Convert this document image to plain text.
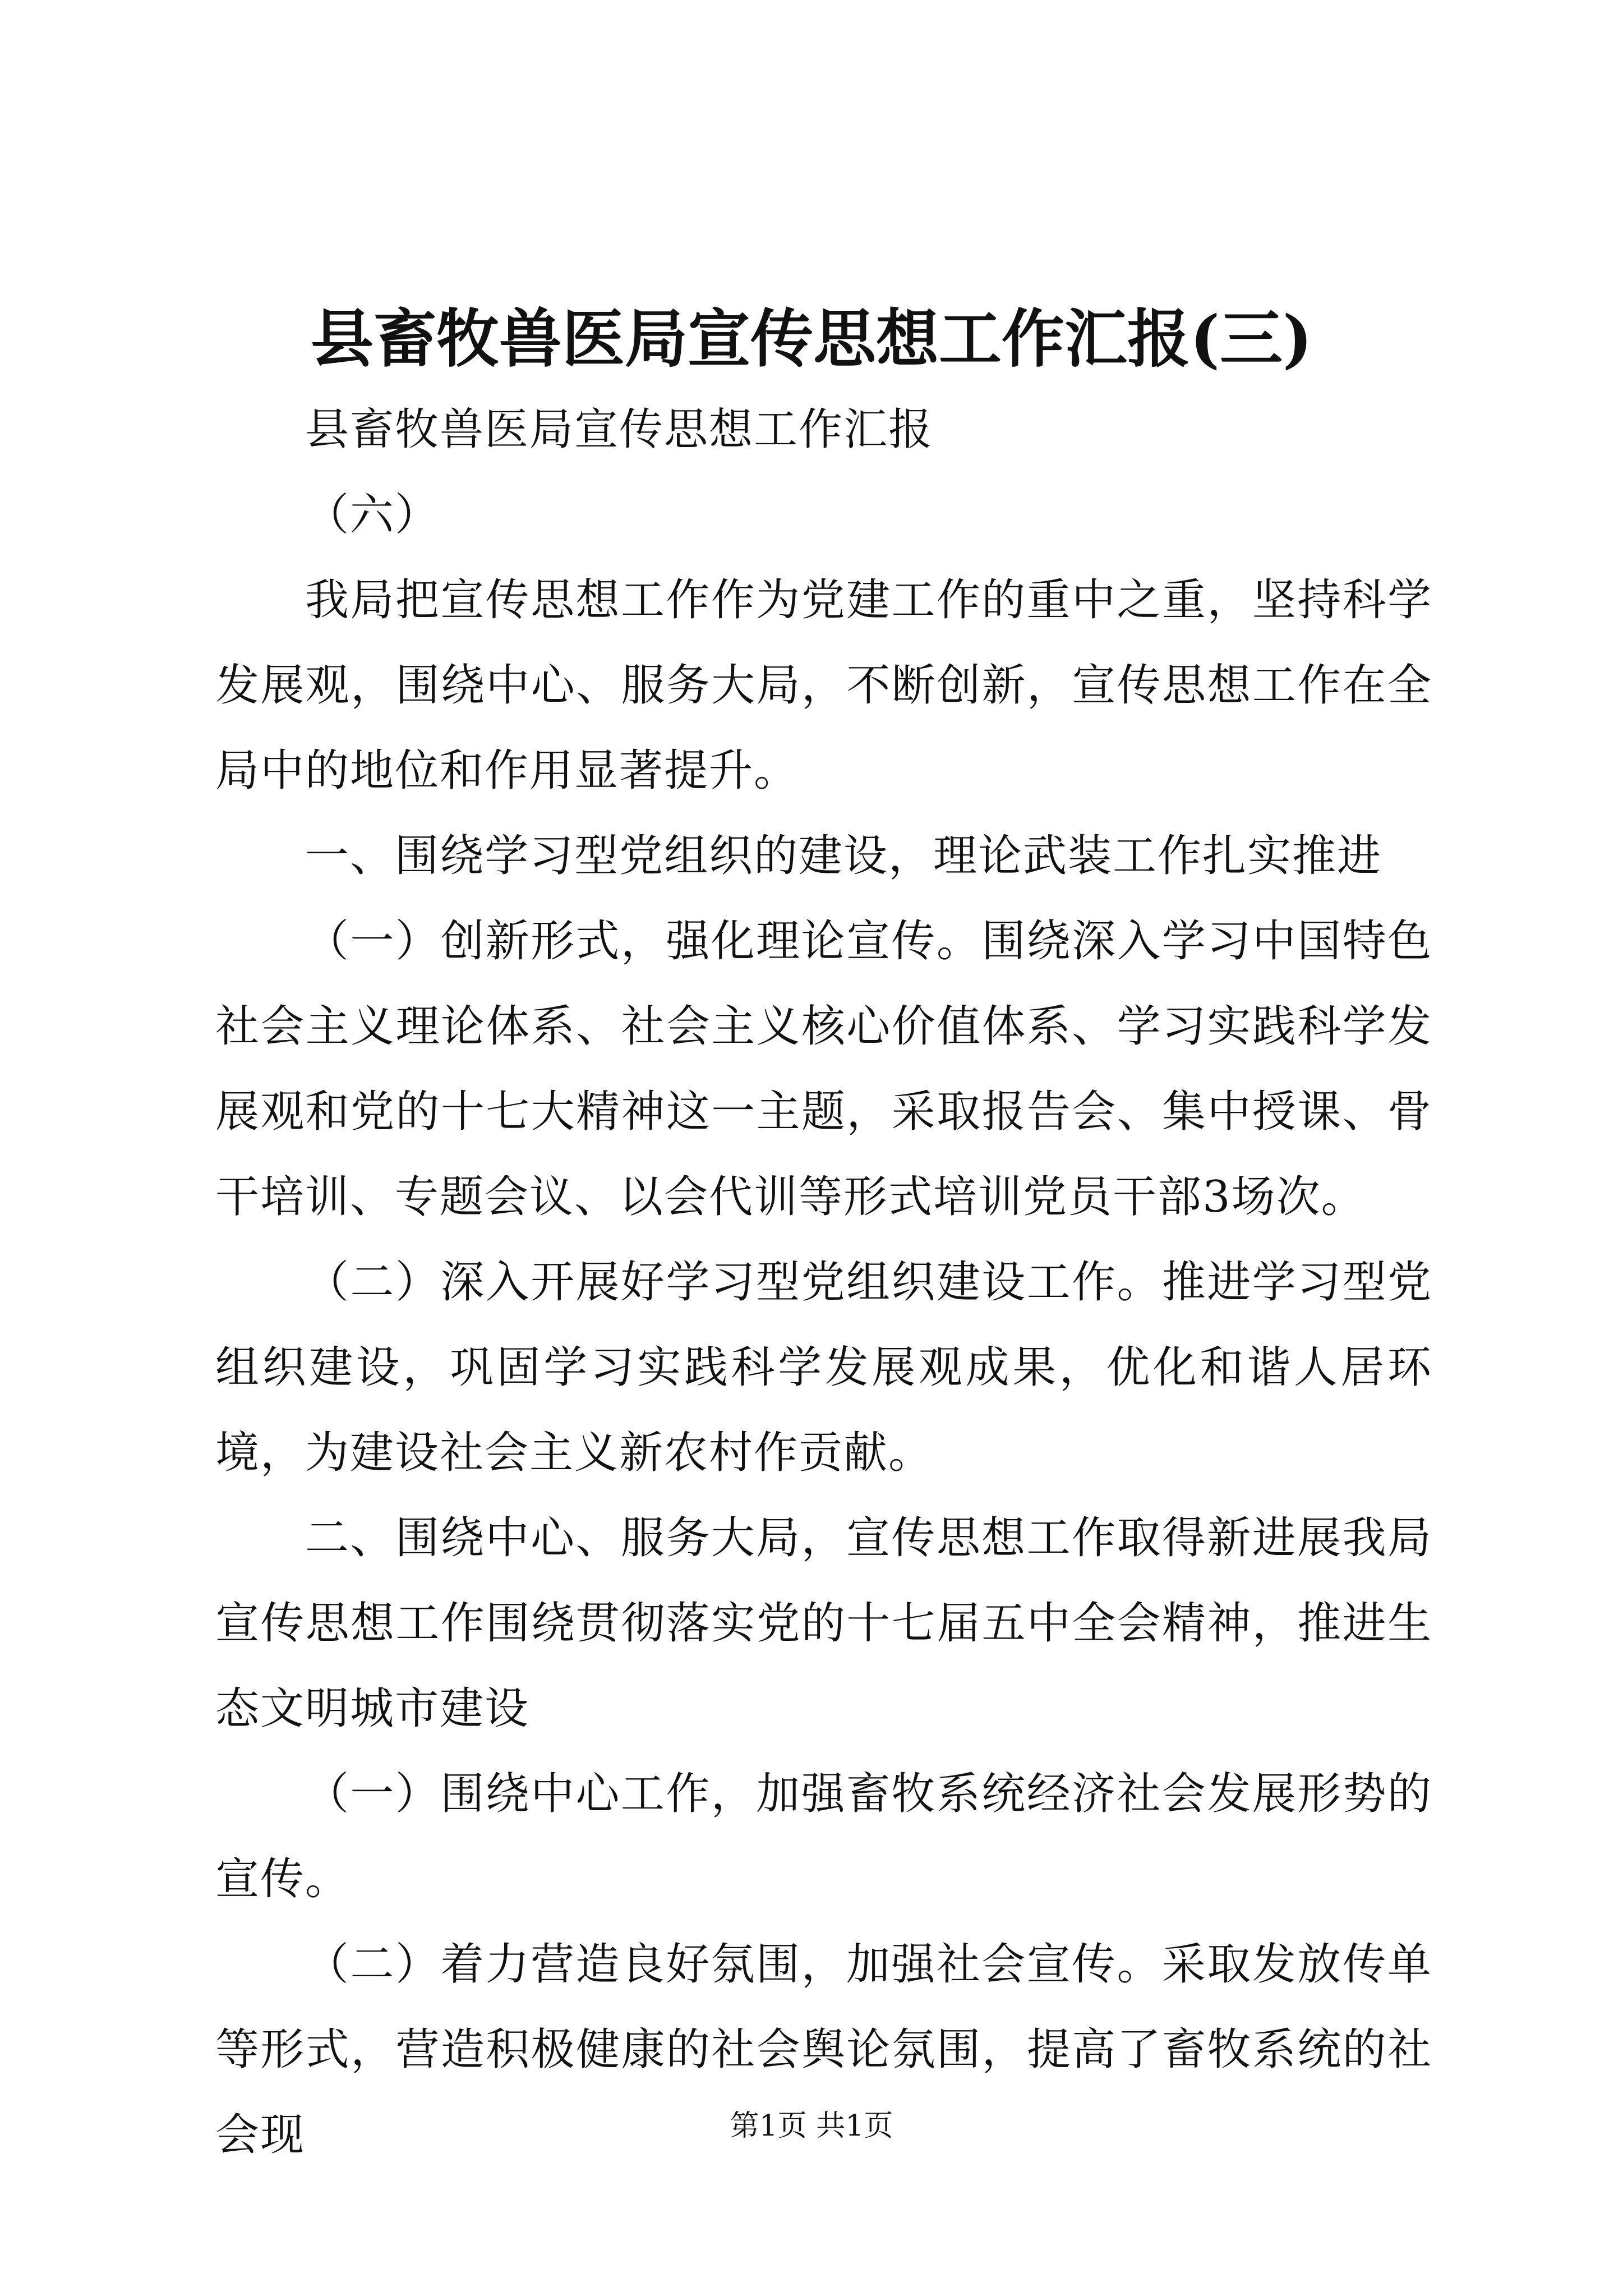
县畜牧兽医局宣传思想工作汇报(三)

县畜牧兽医局宣传思想工作汇报

（六）

我局把宣传思想工作作为党建工作的重中之重，坚持科学发展观，围绕中心、服务大局，不断创新，宣传思想工作在全局中的地位和作用显著提升。

一、围绕学习型党组织的建设，理论武装工作扎实推进

（一）创新形式，强化理论宣传。围绕深入学习中国特色社会主义理论体系、社会主义核心价值体系、学习实践科学发展观和党的十七大精神这一主题，采取报告会、集中授课、骨干培训、专题会议、以会代训等形式培训党员干部3场次。

（二）深入开展好学习型党组织建设工作。推进学习型党组织建设，巩固学习实践科学发展观成果，优化和谐人居环境，为建设社会主义新农村作贡献。

二、围绕中心、服务大局，宣传思想工作取得新进展我局宣传思想工作围绕贯彻落实党的十七届五中全会精神，推进生态文明城市建设

（一）围绕中心工作，加强畜牧系统经济社会发展形势的宣传。

（二）着力营造良好氛围，加强社会宣传。采取发放传单等形式，营造积极健康的社会舆论氛围，提高了畜牧系统的社会现	第1页 共1页
